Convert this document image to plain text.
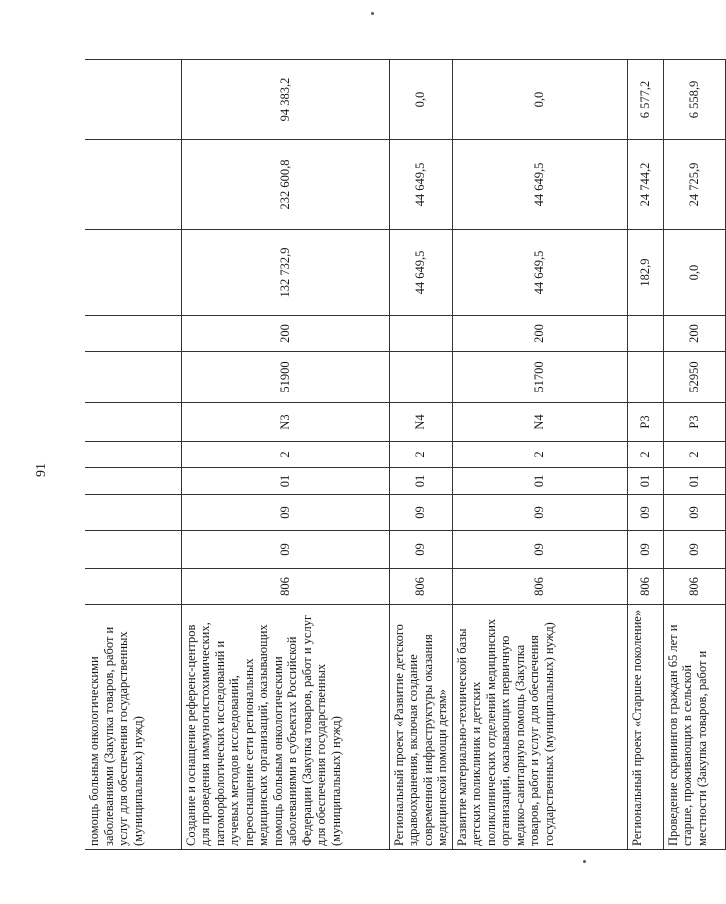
91
помощь больным онкологическими заболеваниями (Закупка товаров, работ и услуг для обеспечения государственных (муниципальных) нужд)											
Создание и оснащение референс-центров для проведения иммуногистохимических, патоморфологических исследований и лучевых методов исследований, переоснащение сети региональных медицинских организаций, оказывающих помощь больным онкологическими заболеваниями в субъектах Российской Федерации (Закупка товаров, работ и услуг для обеспечения государственных (муниципальных) нужд)	806	09	09	01	2	N3	51900	200	132 732,9	232 600,8	94 383,2
Региональный проект «Развитие детского здравоохранения, включая создание современной инфраструктуры оказания медицинской помощи детям»	806	09	09	01	2	N4			44 649,5	44 649,5	0,0
Развитие материально-технической базы детских поликлиник и детских поликлинических отделений медицинских организаций, оказывающих первичную медико-санитарную помощь (Закупка товаров, работ и услуг для обеспечения государственных (муниципальных) нужд)	806	09	09	01	2	N4	51700	200	44 649,5	44 649,5	0,0
Региональный проект «Старшее поколение»	806	09	09	01	2	P3			182,9	24 744,2	6 577,2
Проведение скринингов граждан 65 лет и старше, проживающих в сельской местности (Закупка товаров, работ и	806	09	09	01	2	P3	52950	200	0,0	24 725,9	6 558,9
